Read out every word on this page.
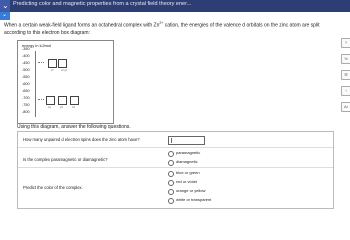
⌄ Predicting color and magnetic properties from a crystal field theory ener...
⌄
When a certain weak-field ligand forms an octahedral complex with $Zn^{2+}$ cation, the energies of the valence d orbitals on the zinc atom are split according to this electron box diagram:
energy in kJ/mol
-350
-400
-450
-500
-550
-600
-650
-700
-750
-800
z²	x²-y²
xy	yz	xz
Using this diagram, answer the following questions.
How many unpaired d electron spins does the zinc atom have?
Is the complex paramagnetic or diamagnetic?
paramagnetic
diamagnetic
Predict the color of the complex.
blue or green
red or violet
orange or yellow
white or transparent
?
½
☰
↑
Ar
